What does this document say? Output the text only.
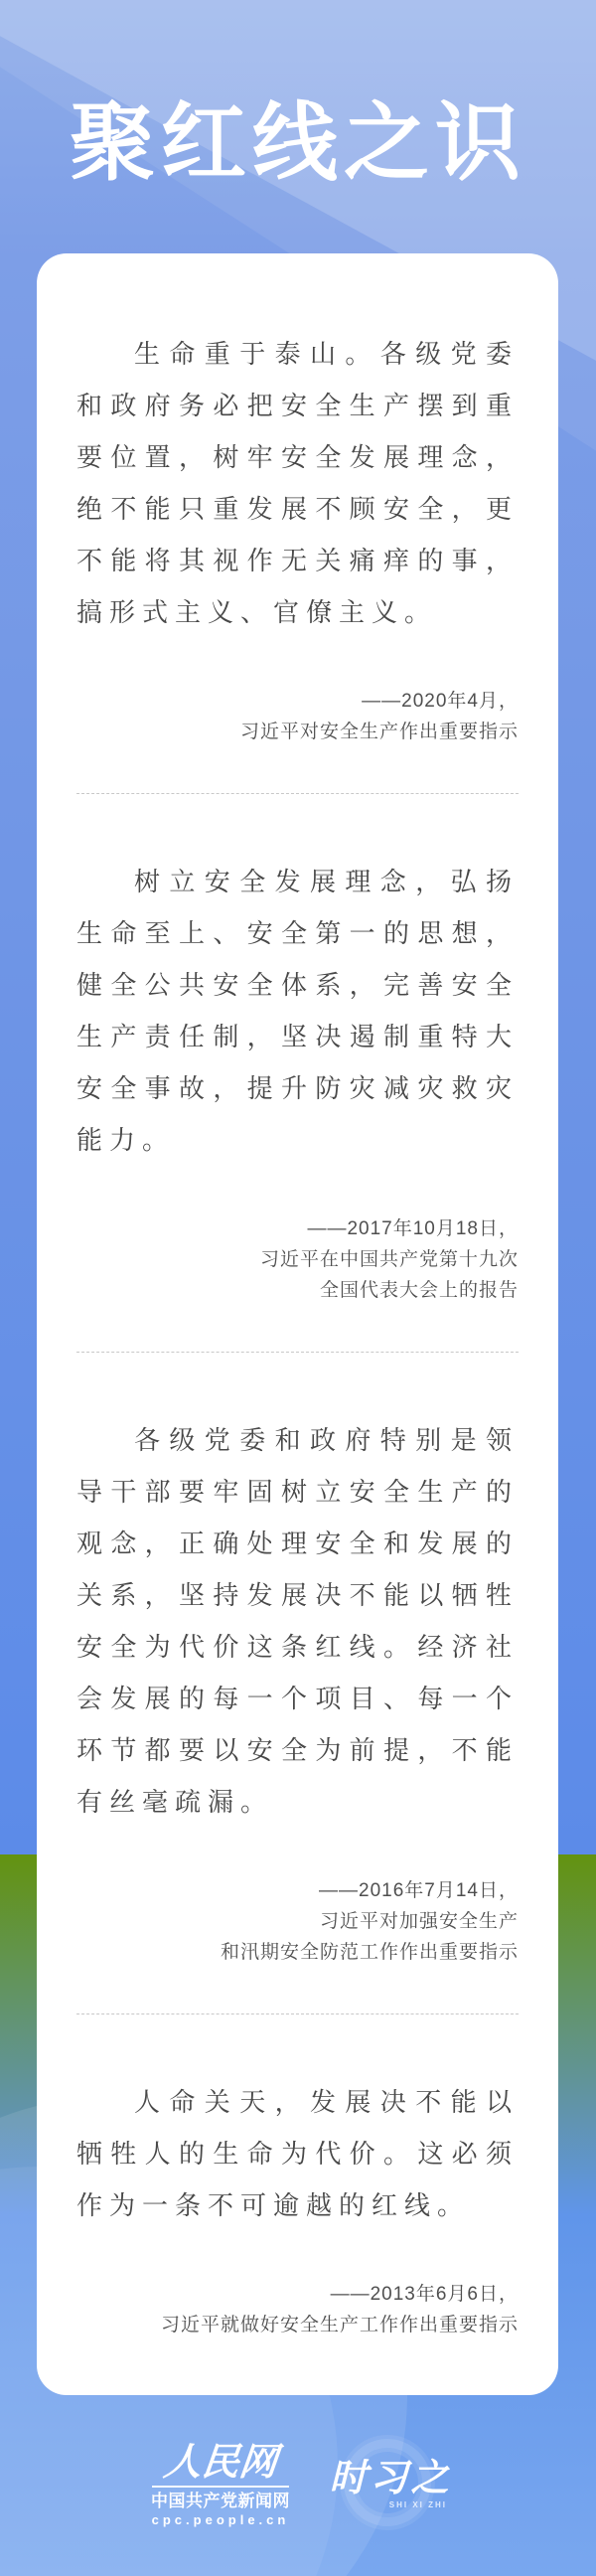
聚红线之识

生命重于泰山。各级党委和政府务必把安全生产摆到重要位置，树牢安全发展理念，绝不能只重发展不顾安全，更不能将其视作无关痛痒的事，搞形式主义、官僚主义。

——2020年4月，
习近平对安全生产作出重要指示

树立安全发展理念，弘扬生命至上、安全第一的思想，健全公共安全体系，完善安全生产责任制，坚决遏制重特大安全事故，提升防灾减灾救灾能力。

——2017年10月18日，
习近平在中国共产党第十九次
全国代表大会上的报告

各级党委和政府特别是领导干部要牢固树立安全生产的观念，正确处理安全和发展的关系，坚持发展决不能以牺牲安全为代价这条红线。经济社会发展的每一个项目、每一个环节都要以安全为前提，不能有丝毫疏漏。

——2016年7月14日，
习近平对加强安全生产
和汛期安全防范工作作出重要指示

人命关天，发展决不能以牺牲人的生命为代价。这必须作为一条不可逾越的红线。

——2013年6月6日，
习近平就做好安全生产工作作出重要指示
人民网
中国共产党新闻网
cpc.people.cn
时习之
SHI XI ZHI
